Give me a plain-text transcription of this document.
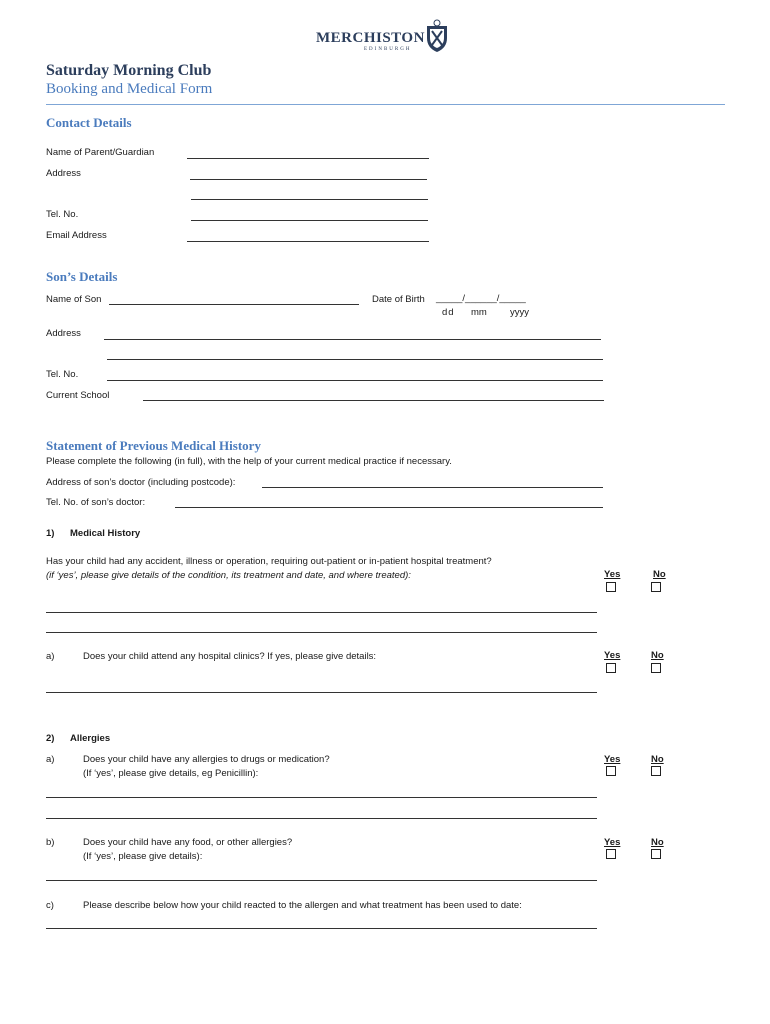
MERCHISTON
EDINBURGH
Saturday Morning Club
Booking and Medical Form
Contact Details
Name of Parent/Guardian
Address
Tel. No.
Email Address
Son’s Details
Name of Son	Date of Birth _____/______/_____
dd mm yyyy
Address
Tel. No.
Current School
Statement of Previous Medical History
Please complete the following (in full), with the help of your current medical practice if necessary.
Address of son’s doctor (including postcode):
Tel. No. of son’s doctor:
1) Medical History
Has your child had any accident, illness or operation, requiring out-patient or in-patient hospital treatment?
(if ‘yes’, please give details of the condition, its treatment and date, and where treated):	Yes	No
a)	Does your child attend any hospital clinics? If yes, please give details:	Yes	No
2) Allergies
a)	Does your child have any allergies to drugs or medication?
(If ‘yes’, please give details, eg Penicillin):
Yes	No
b)	Does your child have any food, or other allergies?
(If ‘yes’, please give details):
Yes	No
c)	Please describe below how your child reacted to the allergen and what treatment has been used to date:
